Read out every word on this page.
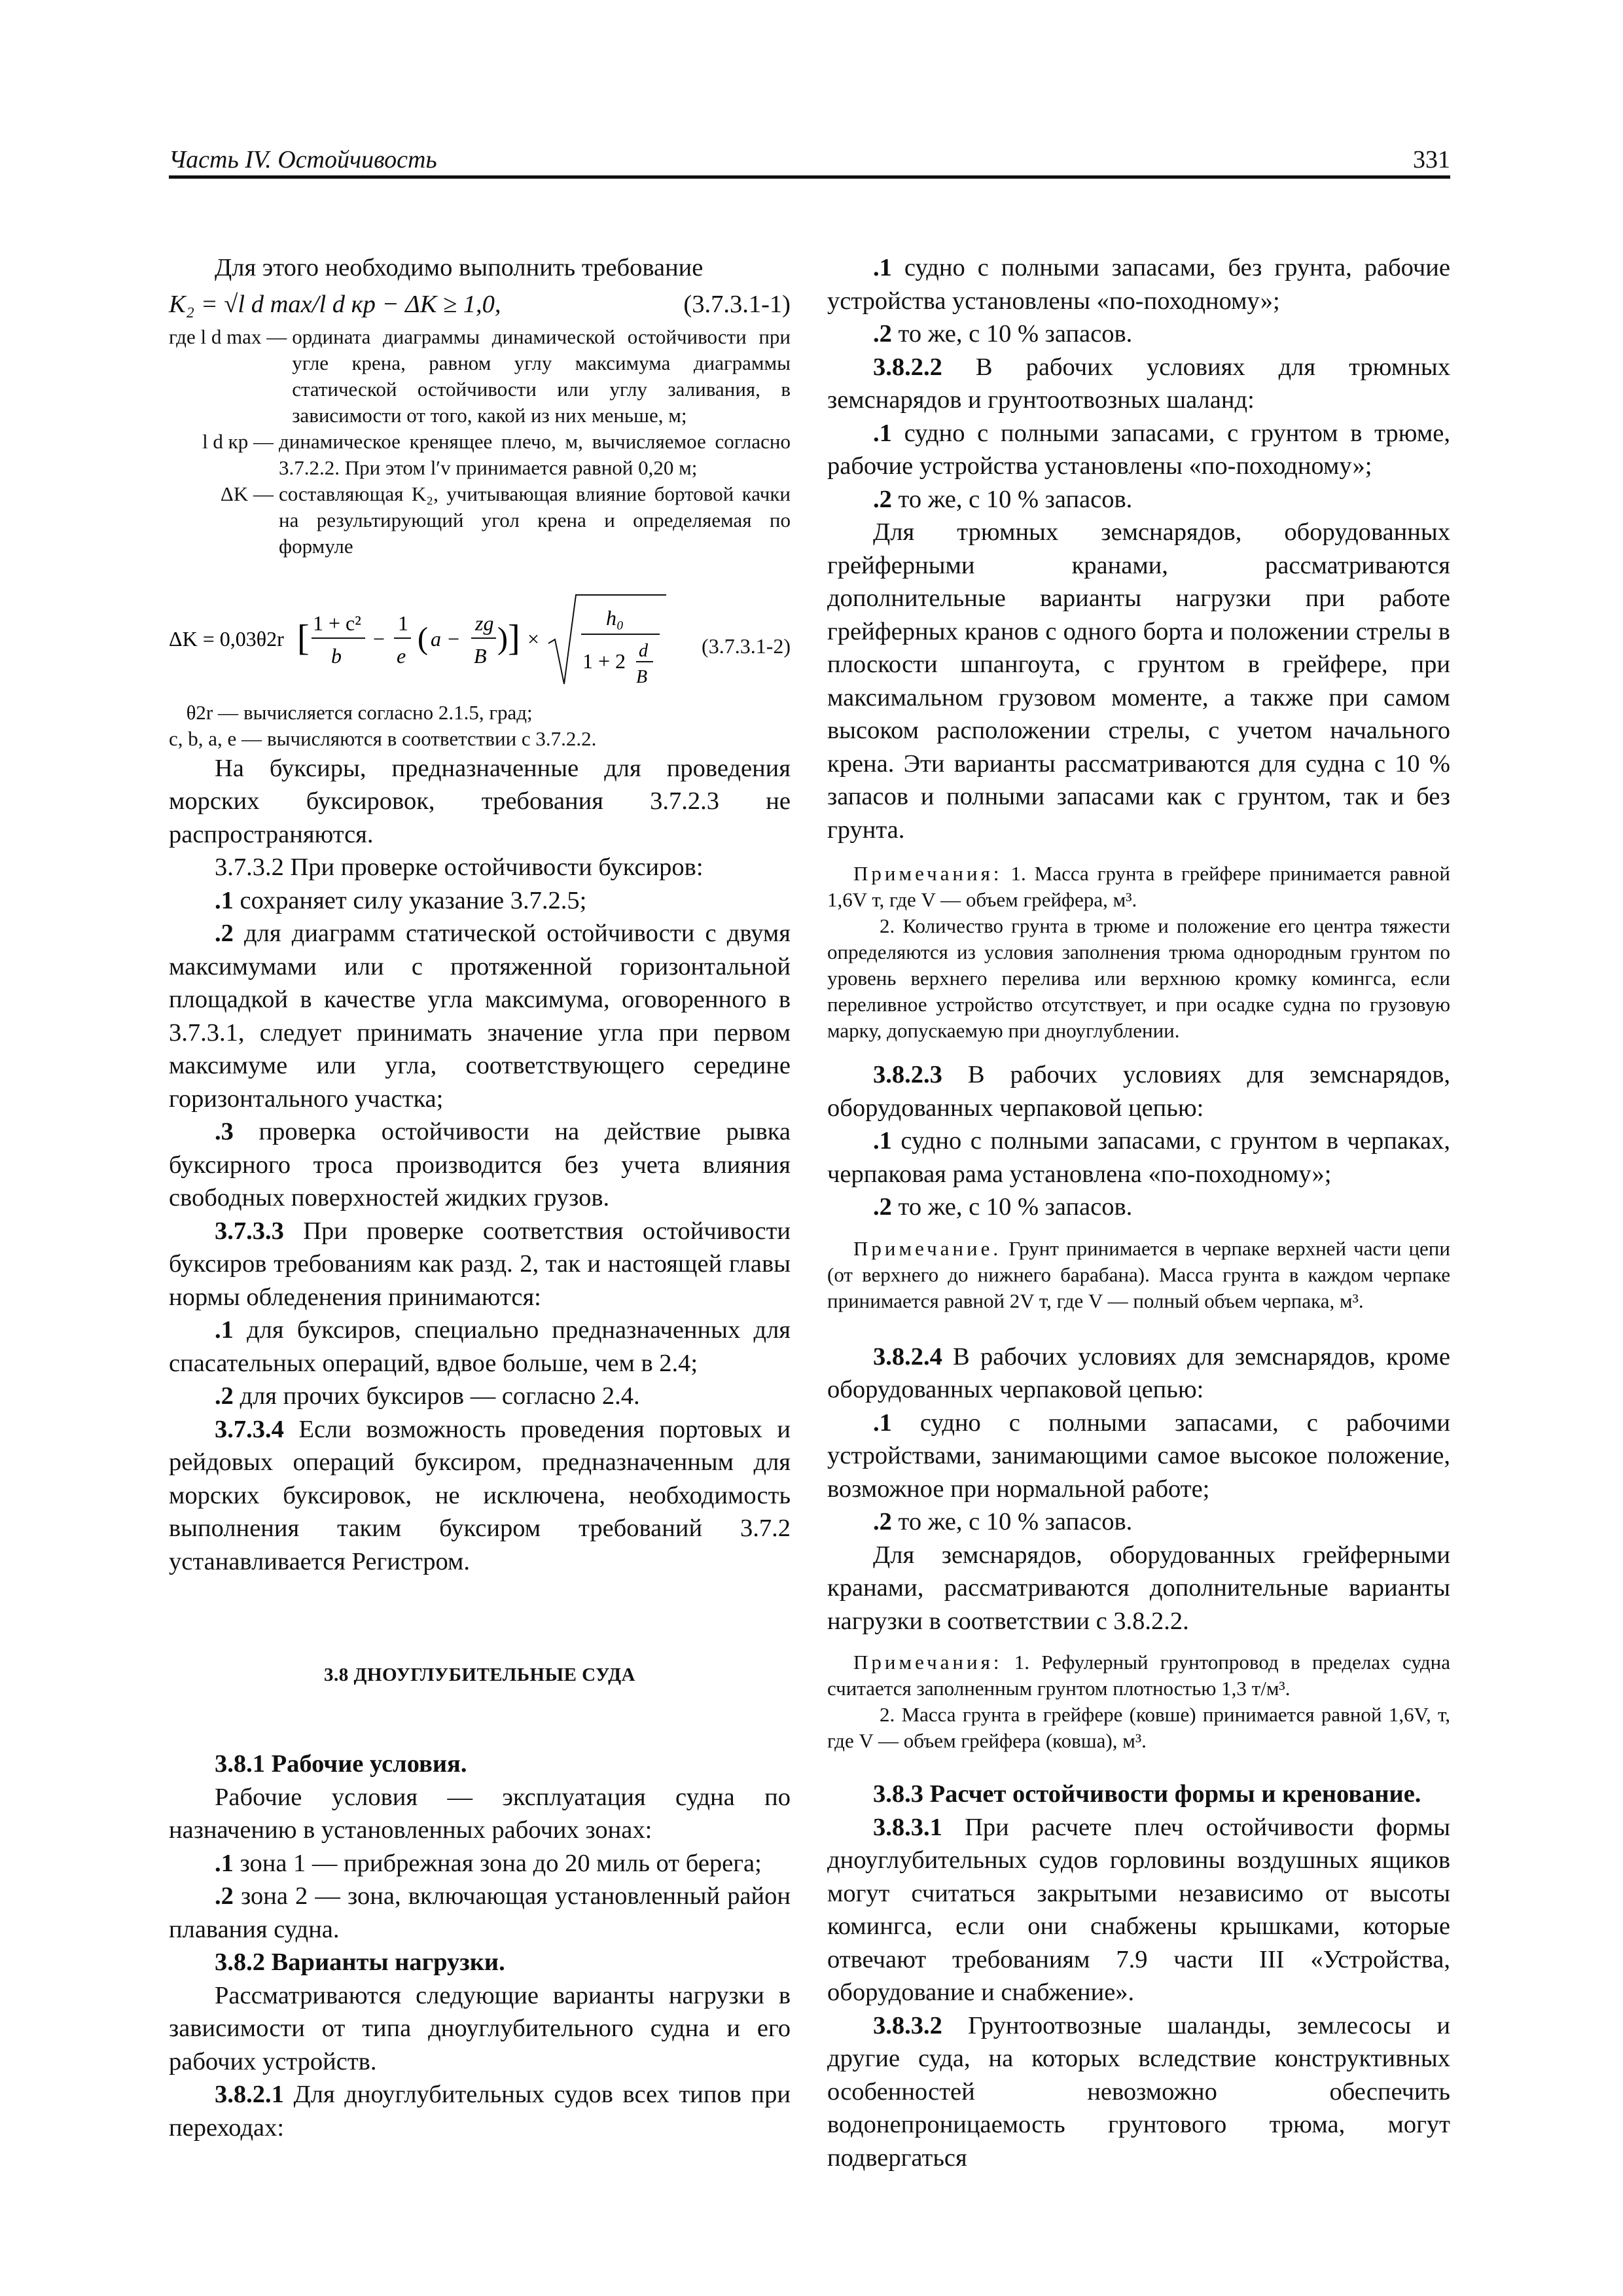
Часть IV. Остойчивость	331

Для этого необходимо выполнить требование

K₂ = √l d max/l d кр − ΔK ≥ 1,0,	(3.7.3.1-1)
где l d max — ордината диаграммы динамической остойчивости при угле крена, равном углу максимума диаграммы статической остойчивости или углу заливания, в зависимости от того, какой из них меньше, м;
l d кр — динамическое кренящее плечо, м, вычисляемое согласно 3.7.2.2. При этом l′v принимается равной 0,20 м;
ΔK — составляющая K₂, учитывающая влияние бортовой качки на результирующий угол крена и определяемая по формуле
ΔK = 0,03θ2r [ 1 + c²
b
−
1
e ( a −
zg
B ) ] ×
h₀
1 + 2 d
B
(3.7.3.1-2)
θ2r — вычисляется согласно 2.1.5, град;
c, b, a, e — вычисляются в соответствии с 3.7.2.2.

На буксиры, предназначенные для проведения морских буксировок, требования 3.7.2.3 не распространяются.

3.7.3.2 При проверке остойчивости буксиров:

.1 сохраняет силу указание 3.7.2.5;

.2 для диаграмм статической остойчивости с двумя максимумами или с протяженной горизонтальной площадкой в качестве угла максимума, оговоренного в 3.7.3.1, следует принимать значение угла при первом максимуме или угла, соответствующего середине горизонтального участка;

.3 проверка остойчивости на действие рывка буксирного троса производится без учета влияния свободных поверхностей жидких грузов.

3.7.3.3 При проверке соответствия остойчивости буксиров требованиям как разд. 2, так и настоящей главы нормы обледенения принимаются:

.1 для буксиров, специально предназначенных для спасательных операций, вдвое больше, чем в 2.4;

.2 для прочих буксиров — согласно 2.4.

3.7.3.4 Если возможность проведения портовых и рейдовых операций буксиром, предназначенным для морских буксировок, не исключена, необходимость выполнения таким буксиром требований 3.7.2 устанавливается Регистром.

3.8 ДНОУГЛУБИТЕЛЬНЫЕ СУДА

3.8.1 Рабочие условия.

Рабочие условия — эксплуатация судна по назначению в установленных рабочих зонах:

.1 зона 1 — прибрежная зона до 20 миль от берега;

.2 зона 2 — зона, включающая установленный район плавания судна.

3.8.2 Варианты нагрузки.

Рассматриваются следующие варианты нагрузки в зависимости от типа дноуглубительного судна и его рабочих устройств.

3.8.2.1 Для дноуглубительных судов всех типов при переходах:

.1 судно с полными запасами, без грунта, рабочие устройства установлены «по-походному»;

.2 то же, с 10 % запасов.

3.8.2.2 В рабочих условиях для трюмных земснарядов и грунтоотвозных шаланд:

.1 судно с полными запасами, с грунтом в трюме, рабочие устройства установлены «по-походному»;

.2 то же, с 10 % запасов.

Для трюмных земснарядов, оборудованных грейферными кранами, рассматриваются дополнительные варианты нагрузки при работе грейферных кранов с одного борта и положении стрелы в плоскости шпангоута, с грунтом в грейфере, при максимальном грузовом моменте, а также при самом высоком расположении стрелы, с учетом начального крена. Эти варианты рассматриваются для судна с 10 % запасов и полными запасами как с грунтом, так и без грунта.

Примечания: 1. Масса грунта в грейфере принимается равной 1,6V т, где V — объем грейфера, м³.

2. Количество грунта в трюме и положение его центра тяжести определяются из условия заполнения трюма однородным грунтом по уровень верхнего перелива или верхнюю кромку комингса, если переливное устройство отсутствует, и при осадке судна по грузовую марку, допускаемую при дноуглублении.

3.8.2.3 В рабочих условиях для земснарядов, оборудованных черпаковой цепью:

.1 судно с полными запасами, с грунтом в черпаках, черпаковая рама установлена «по-походному»;

.2 то же, с 10 % запасов.

Примечание. Грунт принимается в черпаке верхней части цепи (от верхнего до нижнего барабана). Масса грунта в каждом черпаке принимается равной 2V т, где V — полный объем черпака, м³.

3.8.2.4 В рабочих условиях для земснарядов, кроме оборудованных черпаковой цепью:

.1 судно с полными запасами, с рабочими устройствами, занимающими самое высокое положение, возможное при нормальной работе;

.2 то же, с 10 % запасов.

Для земснарядов, оборудованных грейферными кранами, рассматриваются дополнительные варианты нагрузки в соответствии с 3.8.2.2.

Примечания: 1. Рефулерный грунтопровод в пределах судна считается заполненным грунтом плотностью 1,3 т/м³.

2. Масса грунта в грейфере (ковше) принимается равной 1,6V, т, где V — объем грейфера (ковша), м³.

3.8.3 Расчет остойчивости формы и кренование.

3.8.3.1 При расчете плеч остойчивости формы дноуглубительных судов горловины воздушных ящиков могут считаться закрытыми независимо от высоты комингса, если они снабжены крышками, которые отвечают требованиям 7.9 части III «Устройства, оборудование и снабжение».

3.8.3.2 Грунтоотвозные шаланды, землесосы и другие суда, на которых вследствие конструктивных особенностей невозможно обеспечить водонепроницаемость грунтового трюма, могут подвергаться
